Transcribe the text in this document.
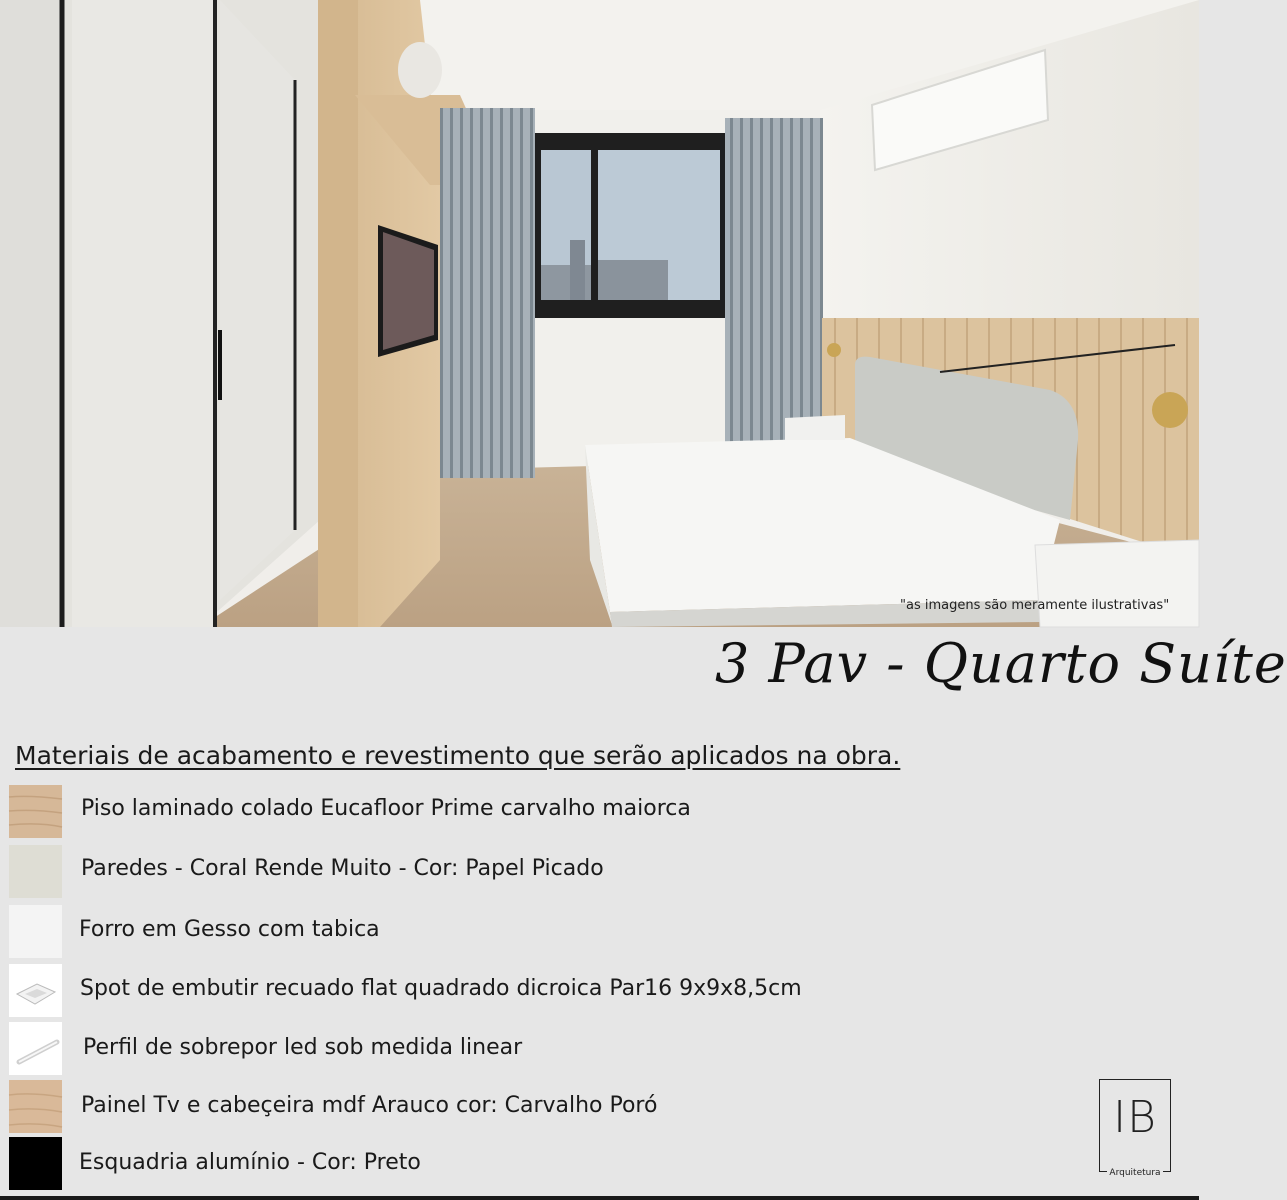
"as imagens são meramente ilustrativas"
3 Pav - Quarto Suíte
Materiais de acabamento e revestimento que serão aplicados na obra.
Piso laminado colado Eucafloor Prime carvalho maiorca
Paredes - Coral Rende Muito - Cor: Papel Picado
Forro em Gesso com tabica
Spot de embutir recuado flat quadrado dicroica Par16 9x9x8,5cm
Perfil de sobrepor led sob medida linear
Painel Tv e cabeçeira mdf Arauco cor: Carvalho Poró
Esquadria alumínio - Cor: Preto
IB
Arquitetura
